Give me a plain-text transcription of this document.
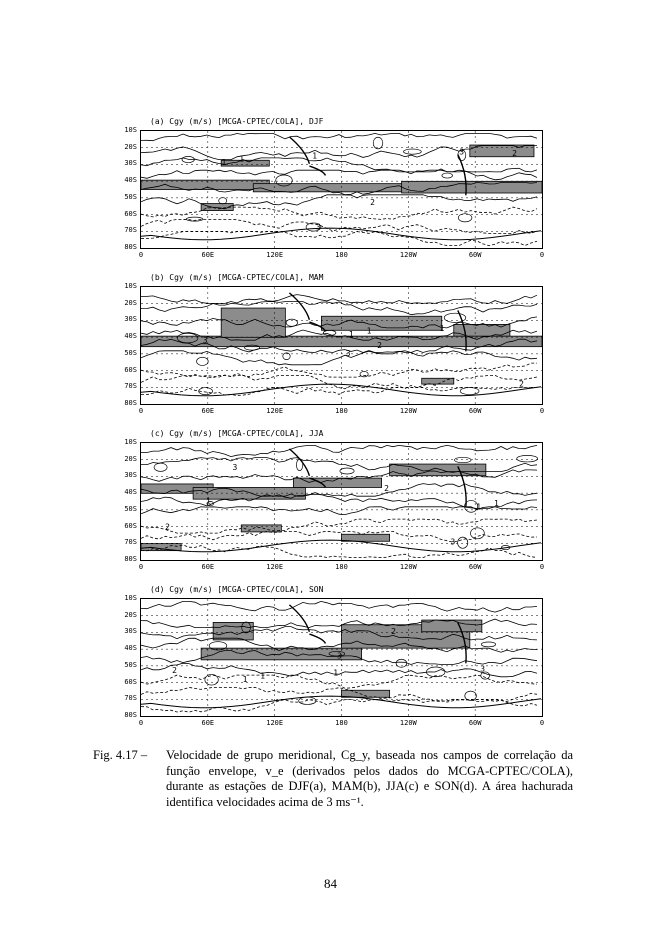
(a) Cgy (m/s) [MCGA-CPTEC/COLA], DJF
1
2
3
1
2
3
1
10S
20S
30S
40S
50S
60S
70S
80S
0	60E	120E	180	120W	60W	0
(b) Cgy (m/s) [MCGA-CPTEC/COLA], MAM
1
2
3
1
2
3
1
10S
20S
30S
40S
50S
60S
70S
80S
0	60E	120E	180	120W	60W	0
(c) Cgy (m/s) [MCGA-CPTEC/COLA], JJA
1
2
3
1
2
3
1
10S
20S
30S
40S
50S
60S
70S
80S
0	60E	120E	180	120W	60W	0
(d) Cgy (m/s) [MCGA-CPTEC/COLA], SON
1
2	3
1
2
3
1
10S
20S
30S
40S
50S
60S
70S
80S
0	60E	120E	180	120W	60W	0
Fig. 4.17 – Velocidade de grupo meridional, Cg_y, baseada nos campos de correlação da função envelope, v_e (derivados pelos dados do MCGA-CPTEC/COLA), durante as estações de DJF(a), MAM(b), JJA(c) e SON(d). A área hachurada identifica velocidades acima de 3 ms⁻¹.
84
